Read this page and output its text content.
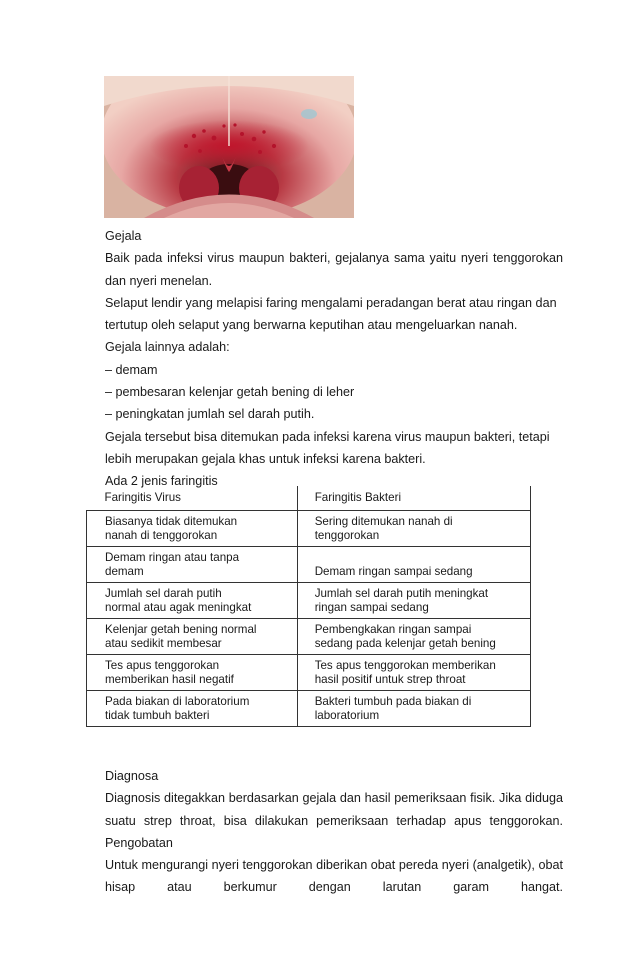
Gejala
Baik pada infeksi virus maupun bakteri, gejalanya sama yaitu nyeri tenggorokan
dan nyeri menelan.
Selaput lendir yang melapisi faring mengalami peradangan berat atau ringan dan
tertutup oleh selaput yang berwarna keputihan atau mengeluarkan nanah.
Gejala lainnya adalah:
– demam
– pembesaran kelenjar getah bening di leher
– peningkatan jumlah sel darah putih.
Gejala tersebut bisa ditemukan pada infeksi karena virus maupun bakteri, tetapi
lebih merupakan gejala khas untuk infeksi karena bakteri.
Ada 2 jenis faringitis
Faringitis Virus	Faringitis Bakteri

Biasanya tidak ditemukan
nanah di tenggorokan	Sering ditemukan nanah di
tenggorokan

Demam ringan atau tanpa
demam	Demam ringan sampai sedang

Jumlah sel darah putih
normal atau agak meningkat	Jumlah sel darah putih meningkat
ringan sampai sedang

Kelenjar getah bening normal
atau sedikit membesar	Pembengkakan ringan sampai
sedang pada kelenjar getah bening

Tes apus tenggorokan
memberikan hasil negatif	Tes apus tenggorokan memberikan
hasil positif untuk strep throat

Pada biakan di laboratorium
tidak tumbuh bakteri	Bakteri tumbuh pada biakan di
laboratorium
Diagnosa
Diagnosis ditegakkan berdasarkan gejala dan hasil pemeriksaan fisik. Jika diduga
suatu strep throat, bisa dilakukan pemeriksaan terhadap apus tenggorokan.
Pengobatan
Untuk mengurangi nyeri tenggorokan diberikan obat pereda nyeri (analgetik), obat
hisap atau berkumur dengan larutan garam hangat.
